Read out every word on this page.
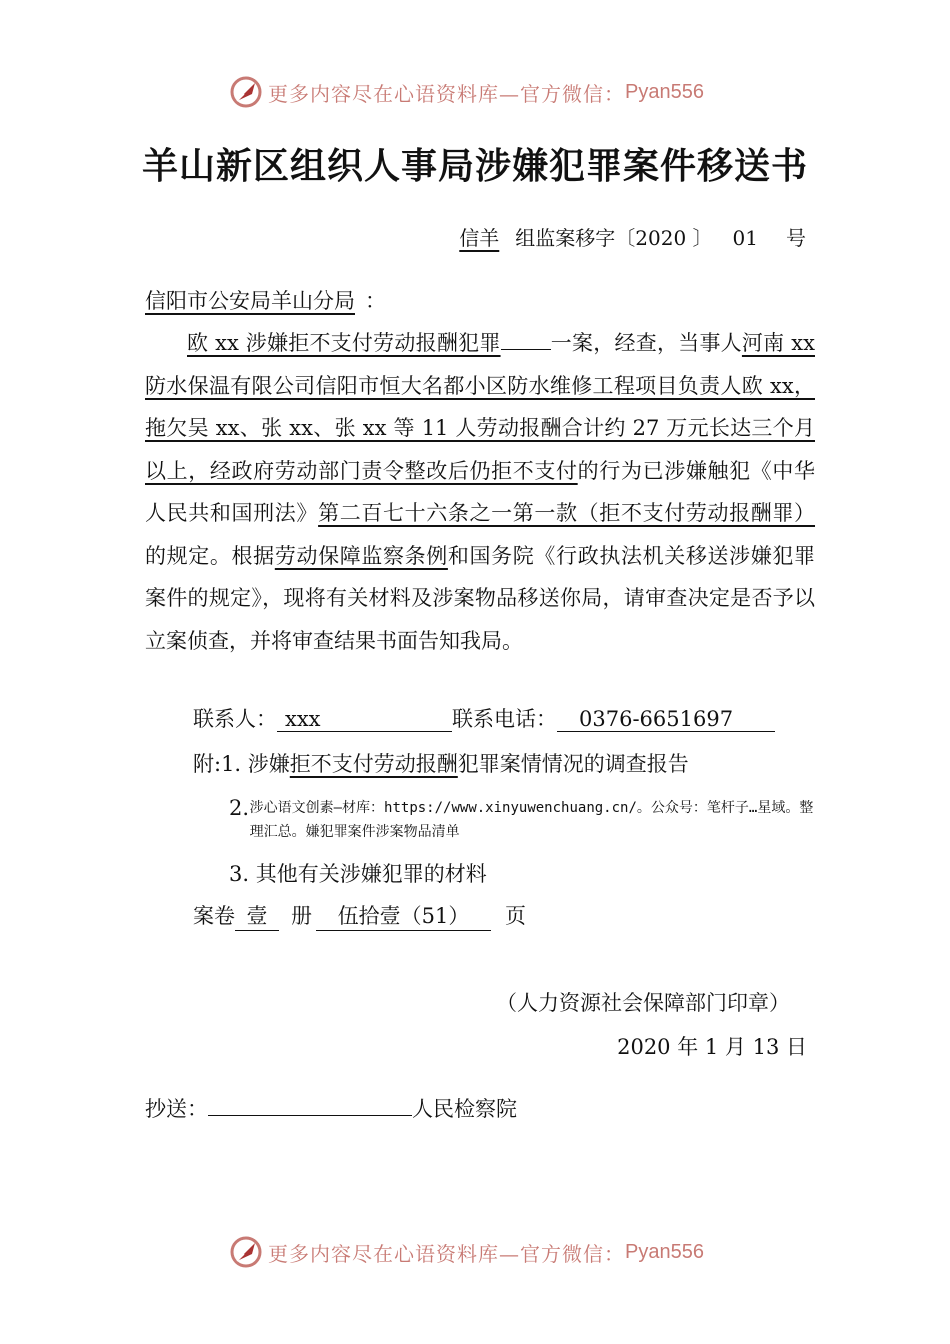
更多内容尽在心语资料库—官方微信： Pyan556
羊山新区组织人事局涉嫌犯罪案件移送书
信羊 组监案移字〔2020 〕 01 号
信阳市公安局羊山分局 ：
欧 xx 涉嫌拒不支付劳动报酬犯罪 一案，经查，当事人河南 xx 防水保温有限公司信阳市恒大名都小区防水维修工程项目负责人欧 xx，拖欠吴 xx、张 xx、张 xx 等 11 人劳动报酬合计约 27 万元长达三个月以上，经政府劳动部门责令整改后仍拒不支付的行为已涉嫌触犯《中华人民共和国刑法》第二百七十六条之一第一款（拒不支付劳动报酬罪）的规定。根据劳动保障监察条例和国务院《行政执法机关移送涉嫌犯罪案件的规定》，现将有关材料及涉案物品移送你局，请审查决定是否予以立案侦查，并将审查结果书面告知我局。
联系人： xxx	联系电话： 0376-6651697
附:1. 涉嫌拒不支付劳动报酬犯罪案情情况的调查报告
2. 涉心语文创素—材库：https://www.xinyuwenchuang.cn/。公众号：笔杆子…星域。整理汇总。嫌犯罪案件涉案物品清单
3. 其他有关涉嫌犯罪的材料
案卷 壹 册 伍拾壹（51） 页
（人力资源社会保障部门印章）
2020 年 1 月 13 日
抄送：	人民检察院
更多内容尽在心语资料库—官方微信： Pyan556
